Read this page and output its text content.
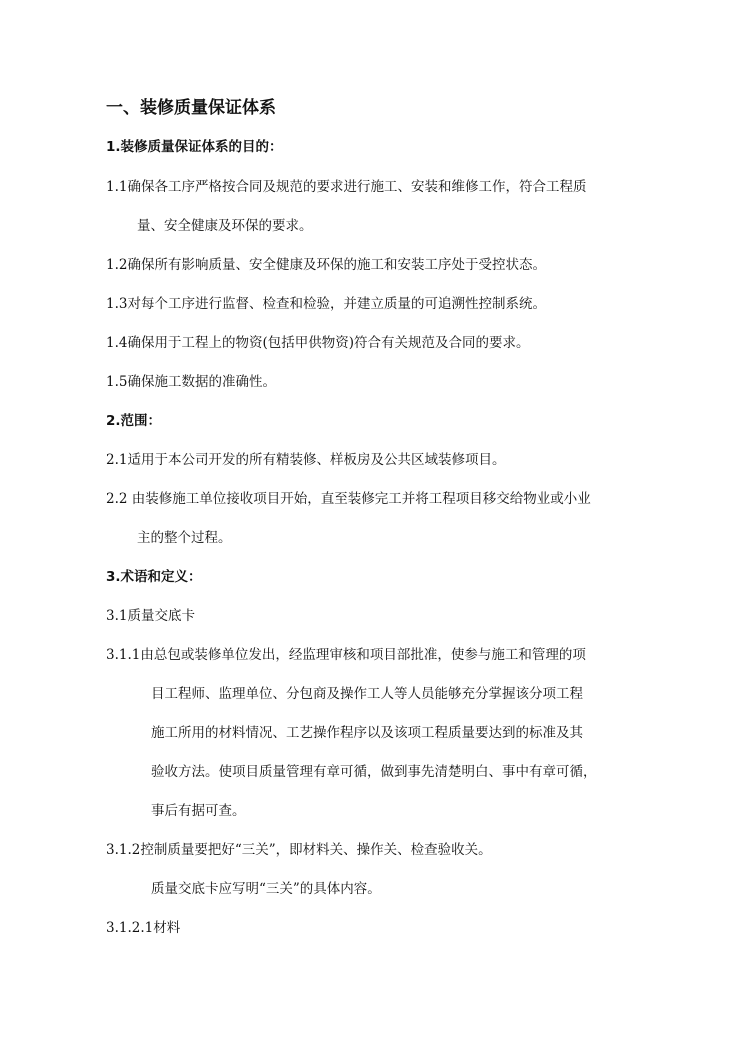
一、装修质量保证体系
1.装修质量保证体系的目的：
1.1确保各工序严格按合同及规范的要求进行施工、安装和维修工作，符合工程质
量、安全健康及环保的要求。
1.2确保所有影响质量、安全健康及环保的施工和安装工序处于受控状态。
1.3对每个工序进行监督、检查和检验，并建立质量的可追溯性控制系统。
1.4确保用于工程上的物资(包括甲供物资)符合有关规范及合同的要求。
1.5确保施工数据的准确性。
2.范围：
2.1适用于本公司开发的所有精装修、样板房及公共区域装修项目。
2.2 由装修施工单位接收项目开始，直至装修完工并将工程项目移交给物业或小业
主的整个过程。
3.术语和定义：
3.1质量交底卡
3.1.1由总包或装修单位发出，经监理审核和项目部批准，使参与施工和管理的项
目工程师、监理单位、分包商及操作工人等人员能够充分掌握该分项工程
施工所用的材料情况、工艺操作程序以及该项工程质量要达到的标准及其
验收方法。使项目质量管理有章可循，做到事先清楚明白、事中有章可循，
事后有据可查。
3.1.2控制质量要把好“三关”，即材料关、操作关、检查验收关。
质量交底卡应写明“三关”的具体内容。
3.1.2.1材料
